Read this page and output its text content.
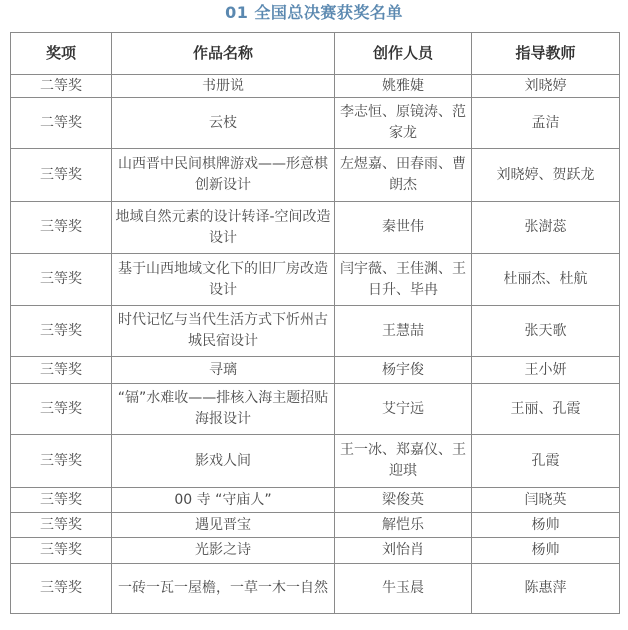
01 全国总决赛获奖名单
奖项	作品名称	创作人员	指导教师
二等奖	书册说	姚雅婕	刘晓婷
二等奖	云枝	李志恒、原镜涛、范家龙	孟洁
三等奖	山西晋中民间棋牌游戏——形意棋创新设计	左煜嘉、田春雨、曹朗杰	刘晓婷、贺跃龙
三等奖	地域自然元素的设计转译-空间改造设计	秦世伟	张澍蕊
三等奖	基于山西地域文化下的旧厂房改造设计	闫宇薇、王佳渊、王日升、毕冉	杜丽杰、杜航
三等奖	时代记忆与当代生活方式下忻州古城民宿设计	王慧喆	张天歌
三等奖	寻璃	杨宇俊	王小妍
三等奖	“镉”水难收——排核入海主题招贴海报设计	艾宁远	王丽、孔霞
三等奖	影戏人间	王一冰、郑嘉仪、王迎琪	孔霞
三等奖	00 寺 “守庙人”	梁俊英	闫晓英
三等奖	遇见晋宝	解恺乐	杨帅
三等奖	光影之诗	刘怡肖	杨帅
三等奖	一砖一瓦一屋檐，一草一木一自然	牛玉晨	陈惠萍
